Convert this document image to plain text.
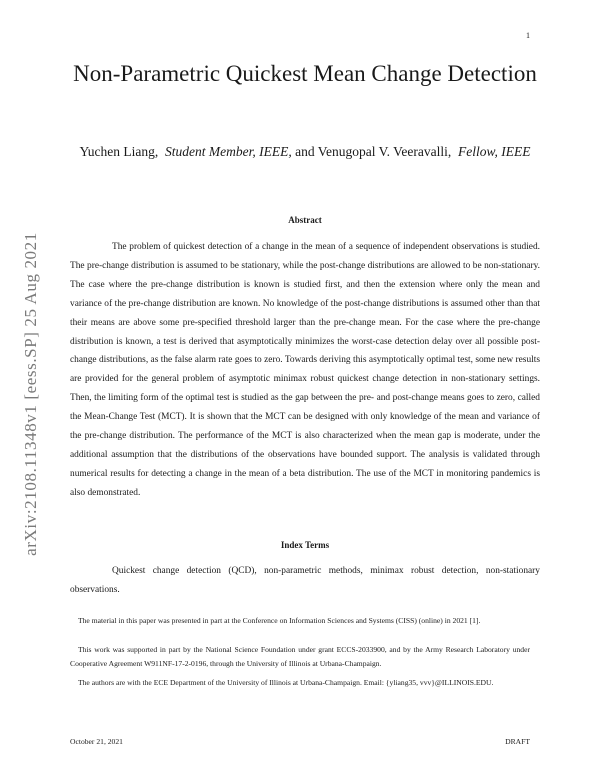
1
arXiv:2108.11348v1 [eess.SP] 25 Aug 2021
Non-Parametric Quickest Mean Change Detection
Yuchen Liang, Student Member, IEEE, and Venugopal V. Veeravalli, Fellow, IEEE
Abstract

The problem of quickest detection of a change in the mean of a sequence of independent observations is studied. The pre-change distribution is assumed to be stationary, while the post-change distributions are allowed to be non-stationary. The case where the pre-change distribution is known is studied first, and then the extension where only the mean and variance of the pre-change distribution are known. No knowledge of the post-change distributions is assumed other than that their means are above some pre-specified threshold larger than the pre-change mean. For the case where the pre-change distribution is known, a test is derived that asymptotically minimizes the worst-case detection delay over all possible post-change distributions, as the false alarm rate goes to zero. Towards deriving this asymptotically optimal test, some new results are provided for the general problem of asymptotic minimax robust quickest change detection in non-stationary settings. Then, the limiting form of the optimal test is studied as the gap between the pre- and post-change means goes to zero, called the Mean-Change Test (MCT). It is shown that the MCT can be designed with only knowledge of the mean and variance of the pre-change distribution. The performance of the MCT is also characterized when the mean gap is moderate, under the additional assumption that the distributions of the observations have bounded support. The analysis is validated through numerical results for detecting a change in the mean of a beta distribution. The use of the MCT in monitoring pandemics is also demonstrated.

Index Terms

Quickest change detection (QCD), non-parametric methods, minimax robust detection, non-stationary observations.

The material in this paper was presented in part at the Conference on Information Sciences and Systems (CISS) (online) in 2021 [1].

This work was supported in part by the National Science Foundation under grant ECCS-2033900, and by the Army Research Laboratory under Cooperative Agreement W911NF-17-2-0196, through the University of Illinois at Urbana-Champaign.

The authors are with the ECE Department of the University of Illinois at Urbana-Champaign. Email: {yliang35, vvv}@ILLINOIS.EDU.

October 21, 2021	DRAFT
